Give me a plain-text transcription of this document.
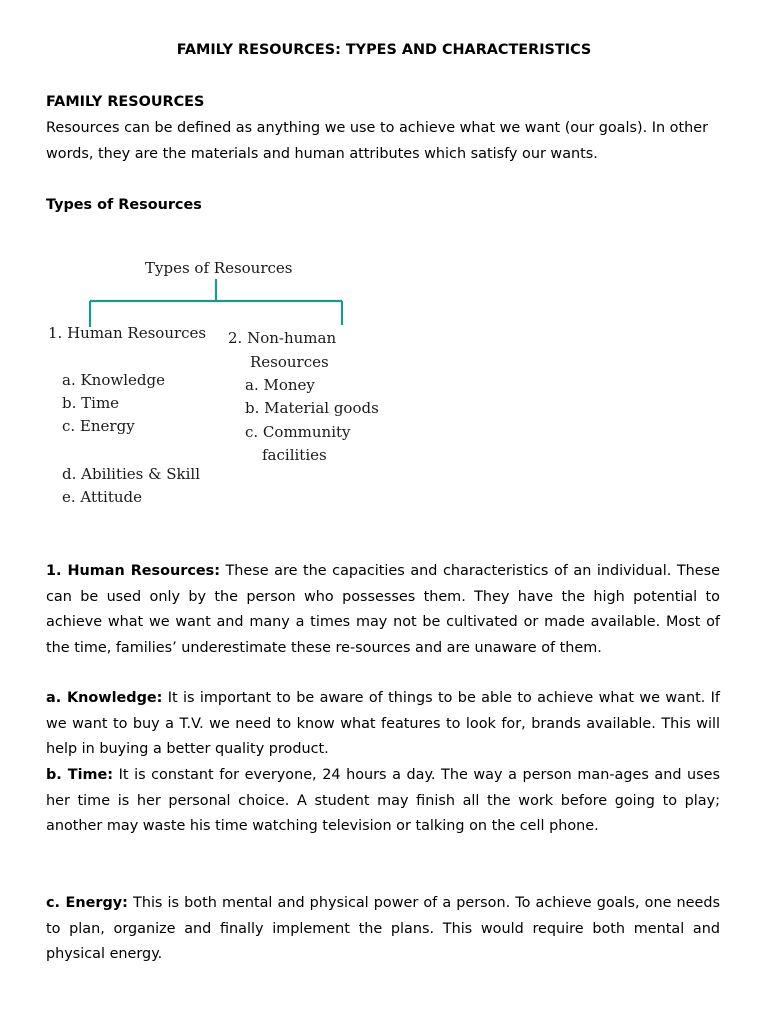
FAMILY RESOURCES: TYPES AND CHARACTERISTICS
FAMILY RESOURCES

Resources can be defined as anything we use to achieve what we want (our goals). In other words, they are the materials and human attributes which satisfy our wants.

Types of Resources
Types of Resources
1. Human Resources
a. Knowledge
b. Time
c. Energy
d. Abilities & Skill
e. Attitude
2. Non-human
Resources
a. Money
b. Material goods
c. Community
facilities

1. Human Resources: These are the capacities and characteristics of an individual. These can be used only by the person who possesses them. They have the high potential to achieve what we want and many a times may not be cultivated or made available. Most of the time, families’ underestimate these re-sources and are unaware of them.

a. Knowledge: It is important to be aware of things to be able to achieve what we want. If we want to buy a T.V. we need to know what features to look for, brands available. This will help in buying a better quality product.

b. Time: It is constant for everyone, 24 hours a day. The way a person man-ages and uses her time is her personal choice. A student may finish all the work before going to play; another may waste his time watching television or talking on the cell phone.

c. Energy: This is both mental and physical power of a person. To achieve goals, one needs to plan, organize and finally implement the plans. This would require both mental and physical energy.
